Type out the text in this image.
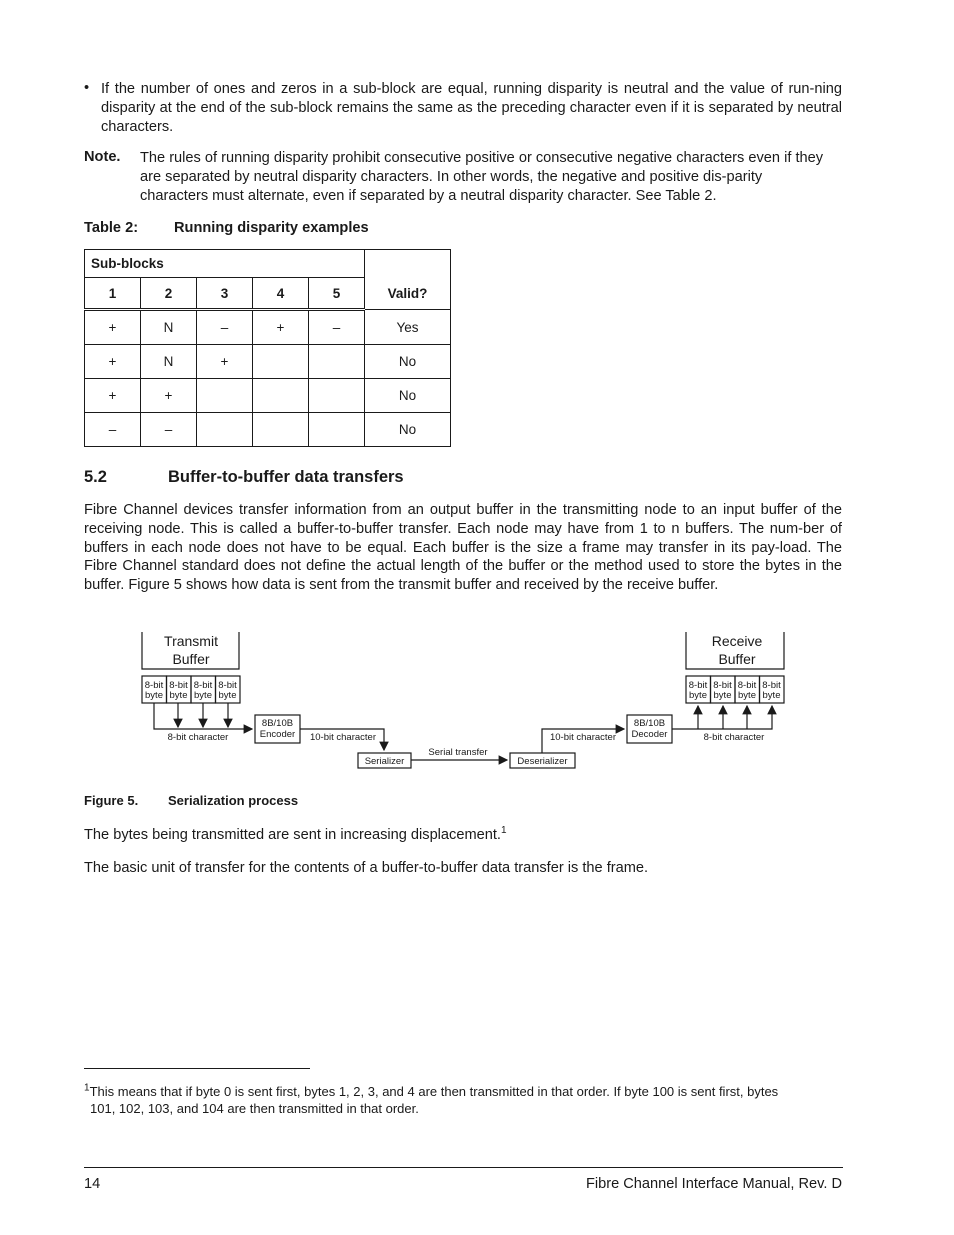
• If the number of ones and zeros in a sub-block are equal, running disparity is neutral and the value of run-ning disparity at the end of the sub-block remains the same as the preceding character even if it is separated by neutral characters.
Note. The rules of running disparity prohibit consecutive positive or consecutive negative characters even if they are separated by neutral disparity characters. In other words, the negative and positive dis-parity characters must alternate, even if separated by a neutral disparity character. See Table 2.
Table 2: Running disparity examples
Sub-blocks					Valid?
1	2	3	4	5	
+	N	–	+	–	Yes
+	N	+			No
+	+				No
–	–				No
5.2	Buffer-to-buffer data transfers
Fibre Channel devices transfer information from an output buffer in the transmitting node to an input buffer of the receiving node. This is called a buffer-to-buffer transfer. Each node may have from 1 to n buffers. The num-ber of buffers in each node does not have to be equal. Each buffer is the size a frame may transfer in its pay-load. The Fibre Channel standard does not define the actual length of the buffer or the method used to store the bytes in the buffer. Figure 5 shows how data is sent from the transmit buffer and received by the receive buffer.
Transmit
Buffer
Receive
Buffer
8-bit
byte
8-bit
byte
8-bit
byte
8-bit
byte
8-bit
byte
8-bit
byte
8-bit
byte
8-bit
byte
8B/10B
Encoder
8B/10B
Decoder
8-bit character	10-bit character	10-bit character	8-bit character
Serial transfer
Serializer	Deserializer
Figure 5. Serialization process
The bytes being transmitted are sent in increasing displacement.$^1$
The basic unit of transfer for the contents of a buffer-to-buffer data transfer is the frame.
$^1$This means that if byte 0 is sent first, bytes 1, 2, 3, and 4 are then transmitted in that order. If byte 100 is sent first, bytes
101, 102, 103, and 104 are then transmitted in that order.
14	Fibre Channel Interface Manual, Rev. D
